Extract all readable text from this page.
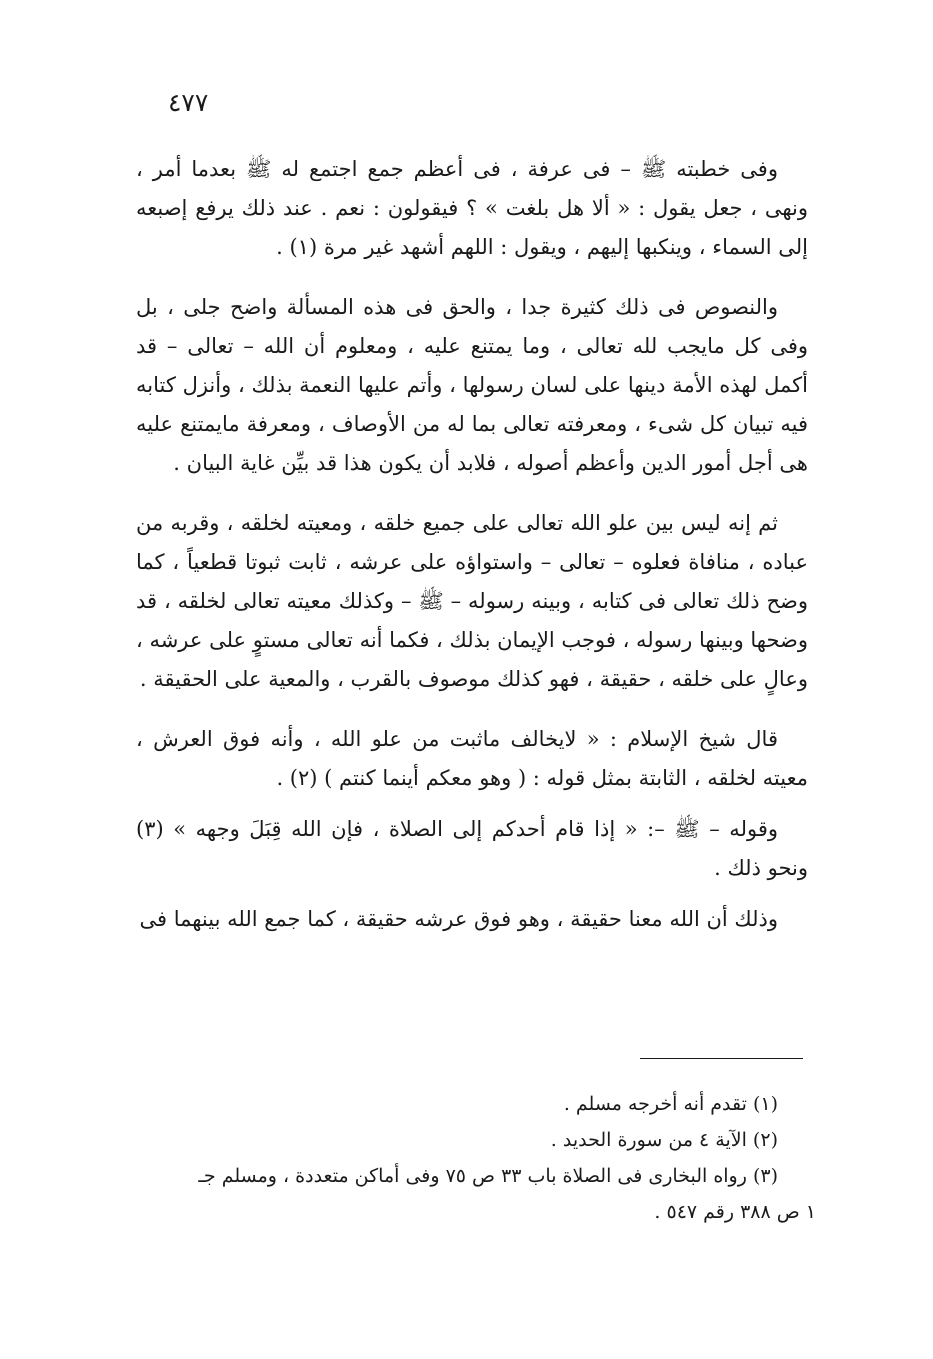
٤٧٧

وفى خطبته ﷺ – فى عرفة ، فى أعظم جمع اجتمع له ﷺ بعدما أمر ، ونهى ، جعل يقول : « ألا هل بلغت » ؟ فيقولون : نعم . عند ذلك يرفع إصبعه إلى السماء ، وينكبها إليهم ، ويقول : اللهم أشهد غير مرة (١) .

والنصوص فى ذلك كثيرة جدا ، والحق فى هذه المسألة واضح جلى ، بل وفى كل مايجب لله تعالى ، وما يمتنع عليه ، ومعلوم أن الله – تعالى – قد أكمل لهذه الأمة دينها على لسان رسولها ، وأتم عليها النعمة بذلك ، وأنزل كتابه فيه تبيان كل شىء ، ومعرفته تعالى بما له من الأوصاف ، ومعرفة مايمتنع عليه هى أجل أمور الدين وأعظم أصوله ، فلابد أن يكون هذا قد بيِّن غاية البيان .

ثم إنه ليس بين علو الله تعالى على جميع خلقه ، ومعيته لخلقه ، وقربه من عباده ، منافاة فعلوه – تعالى – واستواؤه على عرشه ، ثابت ثبوتا قطعياً ، كما وضح ذلك تعالى فى كتابه ، وبينه رسوله – ﷺ – وكذلك معيته تعالى لخلقه ، قد وضحها وبينها رسوله ، فوجب الإيمان بذلك ، فكما أنه تعالى مستوٍ على عرشه ، وعالٍ على خلقه ، حقيقة ، فهو كذلك موصوف بالقرب ، والمعية على الحقيقة .

قال شيخ الإسلام : « لايخالف ماثبت من علو الله ، وأنه فوق العرش ، معيته لخلقه ، الثابتة بمثل قوله : ( وهو معكم أينما كنتم ) (٢) .

وقوله – ﷺ –: « إذا قام أحدكم إلى الصلاة ، فإن الله قِبَلَ وجهه » (٣) ونحو ذلك .

وذلك أن الله معنا حقيقة ، وهو فوق عرشه حقيقة ، كما جمع الله بينهما فى

(١) تقدم أنه أخرجه مسلم .
(٢) الآية ٤ من سورة الحديد .
(٣) رواه البخارى فى الصلاة باب ٣٣ ص ٧٥ وفى أماكن متعددة ، ومسلم جـ
١ ص ٣٨٨ رقم ٥٤٧ .
